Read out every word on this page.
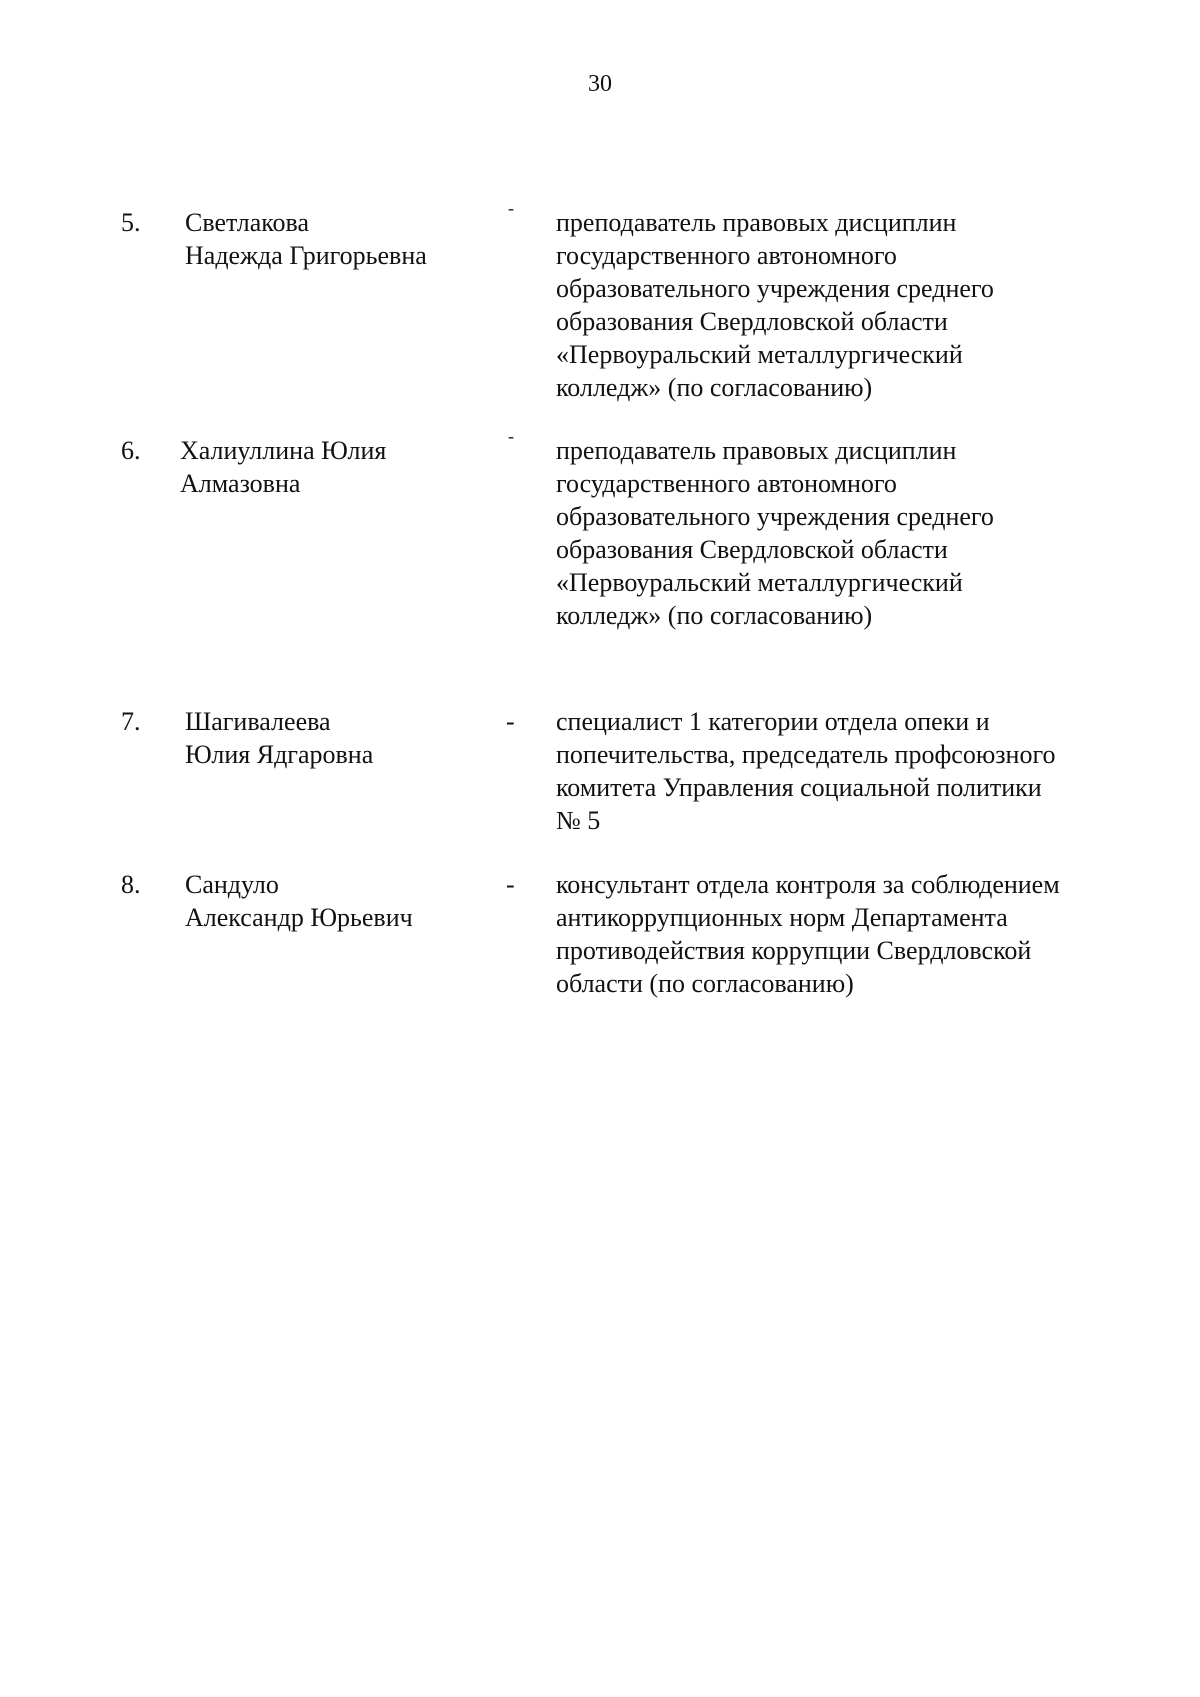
30
5. Светлакова
Надежда Григорьевна
- преподаватель правовых дисциплин
государственного автономного
образовательного учреждения среднего
образования Свердловской области
«Первоуральский металлургический
колледж» (по согласованию)
6. Халиуллина Юлия
Алмазовна
- преподаватель правовых дисциплин
государственного автономного
образовательного учреждения среднего
образования Свердловской области
«Первоуральский металлургический
колледж» (по согласованию)
7. Шагивалеева
Юлия Ядгаровна
- специалист 1 категории отдела опеки и
попечительства, председатель профсоюзного
комитета Управления социальной политики
№ 5
8. Сандуло
Александр Юрьевич
- консультант отдела контроля за соблюдением
антикоррупционных норм Департамента
противодействия коррупции Свердловской
области (по согласованию)
